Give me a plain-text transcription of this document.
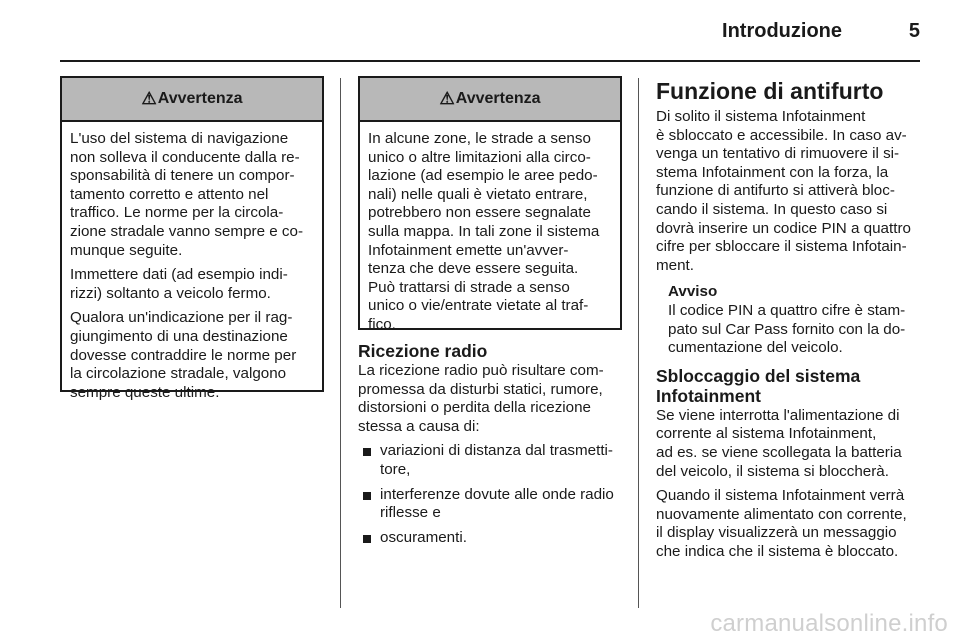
Introduzione	5
⚠ Avvertenza
L'uso del sistema di navigazione
non solleva il conducente dalla re-
sponsabilità di tenere un compor-
tamento corretto e attento nel
traffico. Le norme per la circola-
zione stradale vanno sempre e co-
munque seguite.
Immettere dati (ad esempio indi-
rizzi) soltanto a veicolo fermo.
Qualora un'indicazione per il rag-
giungimento di una destinazione
dovesse contraddire le norme per
la circolazione stradale, valgono
sempre queste ultime.
⚠ Avvertenza
In alcune zone, le strade a senso
unico o altre limitazioni alla circo-
lazione (ad esempio le aree pedo-
nali) nelle quali è vietato entrare,
potrebbero non essere segnalate
sulla mappa. In tali zone il sistema
Infotainment emette un'avver-
tenza che deve essere seguita.
Può trattarsi di strade a senso
unico o vie/entrate vietate al traf-
fico.
Ricezione radio
La ricezione radio può risultare com-
promessa da disturbi statici, rumore,
distorsioni o perdita della ricezione
stessa a causa di:
variazioni di distanza dal trasmetti-
tore,
interferenze dovute alle onde radio
riflesse e
oscuramenti.
Funzione di antifurto
Di solito il sistema Infotainment
è sbloccato e accessibile. In caso av-
venga un tentativo di rimuovere il si-
stema Infotainment con la forza, la
funzione di antifurto si attiverà bloc-
cando il sistema. In questo caso si
dovrà inserire un codice PIN a quattro
cifre per sbloccare il sistema Infotain-
ment.
Avviso
Il codice PIN a quattro cifre è stam-
pato sul Car Pass fornito con la do-
cumentazione del veicolo.
Sbloccaggio del sistema
Infotainment
Se viene interrotta l'alimentazione di
corrente al sistema Infotainment,
ad es. se viene scollegata la batteria
del veicolo, il sistema si bloccherà.
Quando il sistema Infotainment verrà
nuovamente alimentato con corrente,
il display visualizzerà un messaggio
che indica che il sistema è bloccato.
carmanualsonline.info
